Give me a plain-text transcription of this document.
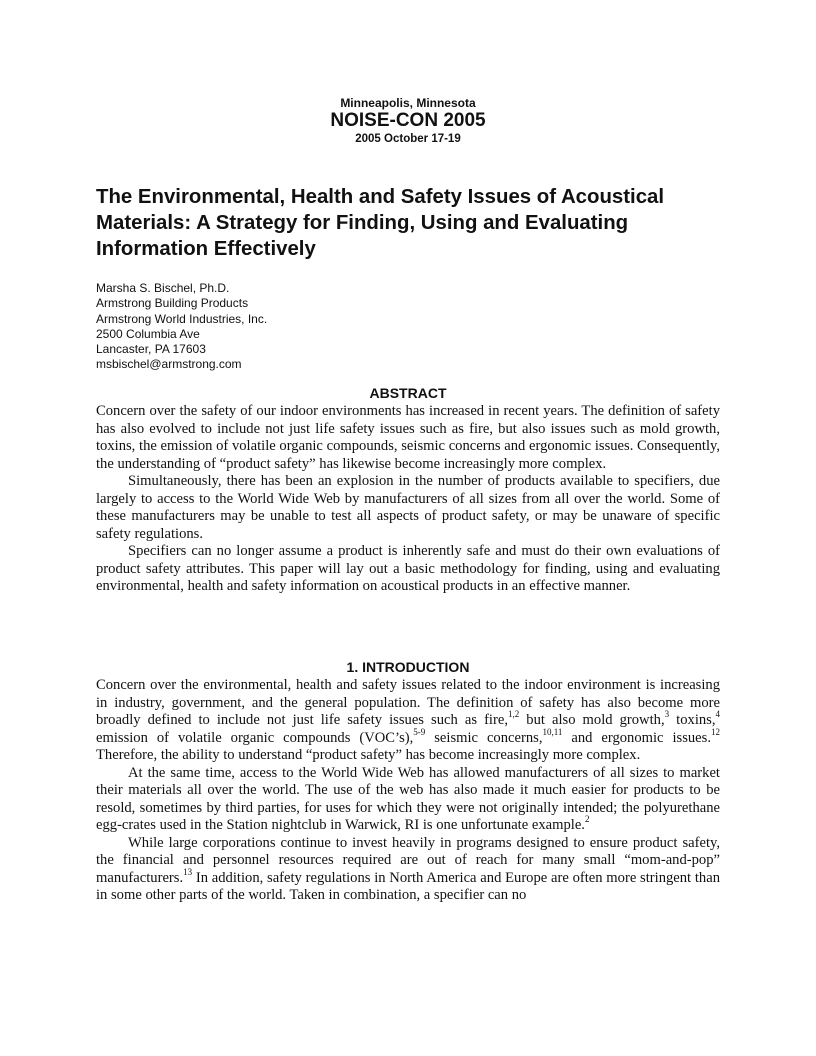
Minneapolis, Minnesota
NOISE-CON 2005
2005 October 17-19
The Environmental, Health and Safety Issues of Acoustical Materials: A Strategy for Finding, Using and Evaluating Information Effectively
Marsha S. Bischel, Ph.D.
Armstrong Building Products
Armstrong World Industries, Inc.
2500 Columbia Ave
Lancaster, PA 17603
msbischel@armstrong.com
ABSTRACT

Concern over the safety of our indoor environments has increased in recent years. The definition of safety has also evolved to include not just life safety issues such as fire, but also issues such as mold growth, toxins, the emission of volatile organic compounds, seismic concerns and ergonomic issues. Consequently, the understanding of “product safety” has likewise become increasingly more complex.

Simultaneously, there has been an explosion in the number of products available to specifiers, due largely to access to the World Wide Web by manufacturers of all sizes from all over the world. Some of these manufacturers may be unable to test all aspects of product safety, or may be unaware of specific safety regulations.

Specifiers can no longer assume a product is inherently safe and must do their own evaluations of product safety attributes. This paper will lay out a basic methodology for finding, using and evaluating environmental, health and safety information on acoustical products in an effective manner.

1. INTRODUCTION

Concern over the environmental, health and safety issues related to the indoor environment is increasing in industry, government, and the general population. The definition of safety has also become more broadly defined to include not just life safety issues such as fire,$^{1,2}$ but also mold growth,$^3$ toxins,$^4$ emission of volatile organic compounds (VOC’s),$^{5-9}$ seismic concerns,$^{10,11}$ and ergonomic issues.$^{12}$ Therefore, the ability to understand “product safety” has become increasingly more complex.

At the same time, access to the World Wide Web has allowed manufacturers of all sizes to market their materials all over the world. The use of the web has also made it much easier for products to be resold, sometimes by third parties, for uses for which they were not originally intended; the polyurethane egg-crates used in the Station nightclub in Warwick, RI is one unfortunate example.$^2$

While large corporations continue to invest heavily in programs designed to ensure product safety, the financial and personnel resources required are out of reach for many small “mom-and-pop” manufacturers.$^{13}$ In addition, safety regulations in North America and Europe are often more stringent than in some other parts of the world. Taken in combination, a specifier can no
